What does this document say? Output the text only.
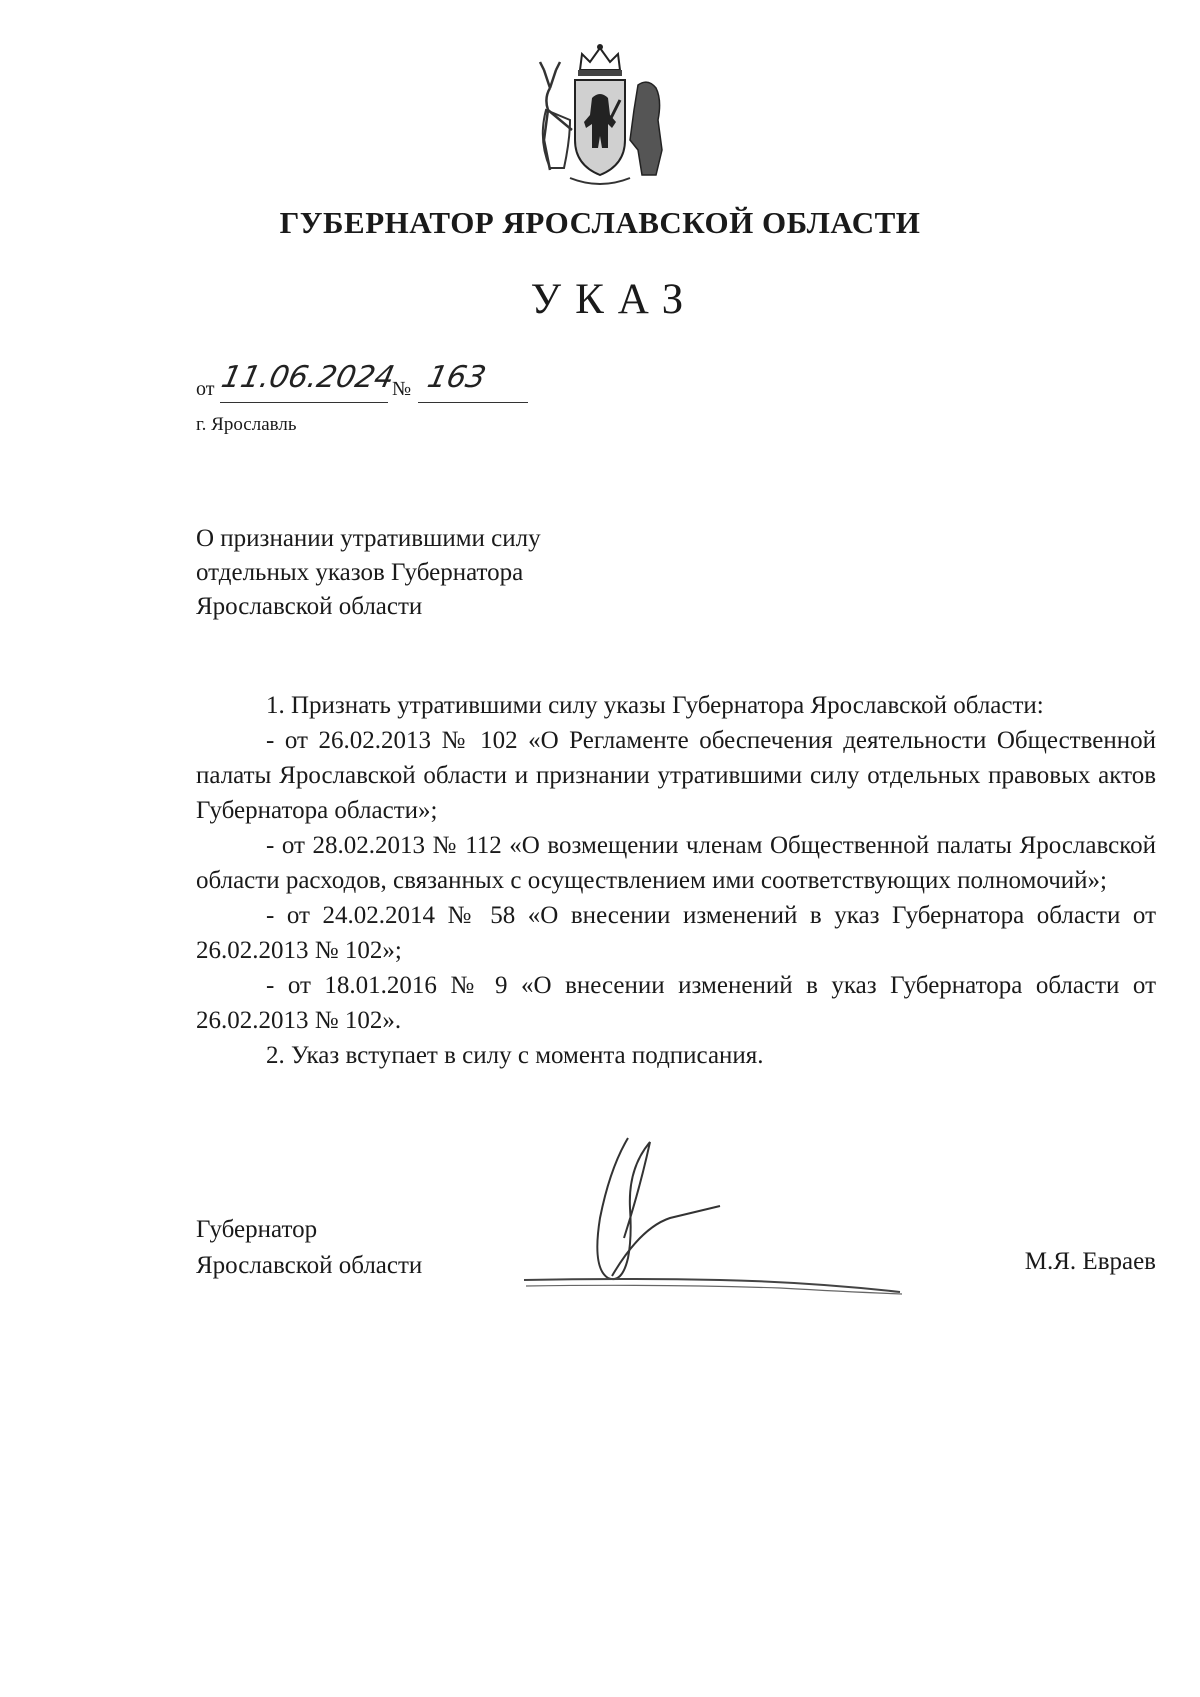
ГУБЕРНАТОР ЯРОСЛАВСКОЙ ОБЛАСТИ
УКАЗ
от 11.06.2024
№ 163
г. Ярославль
О признании утратившими силу
отдельных указов Губернатора
Ярославской области

1. Признать утратившими силу указы Губернатора Ярославской области:

- от 26.02.2013 № 102 «О Регламенте обеспечения деятельности Общественной палаты Ярославской области и признании утратившими силу отдельных правовых актов Губернатора области»;

- от 28.02.2013 № 112 «О возмещении членам Общественной палаты Ярославской области расходов, связанных с осуществлением ими соответствующих полномочий»;

- от 24.02.2014 № 58 «О внесении изменений в указ Губернатора области от 26.02.2013 № 102»;

- от 18.01.2016 № 9 «О внесении изменений в указ Губернатора области от 26.02.2013 № 102».

2. Указ вступает в силу с момента подписания.

Губернатор
Ярославской области	М.Я. Евраев
